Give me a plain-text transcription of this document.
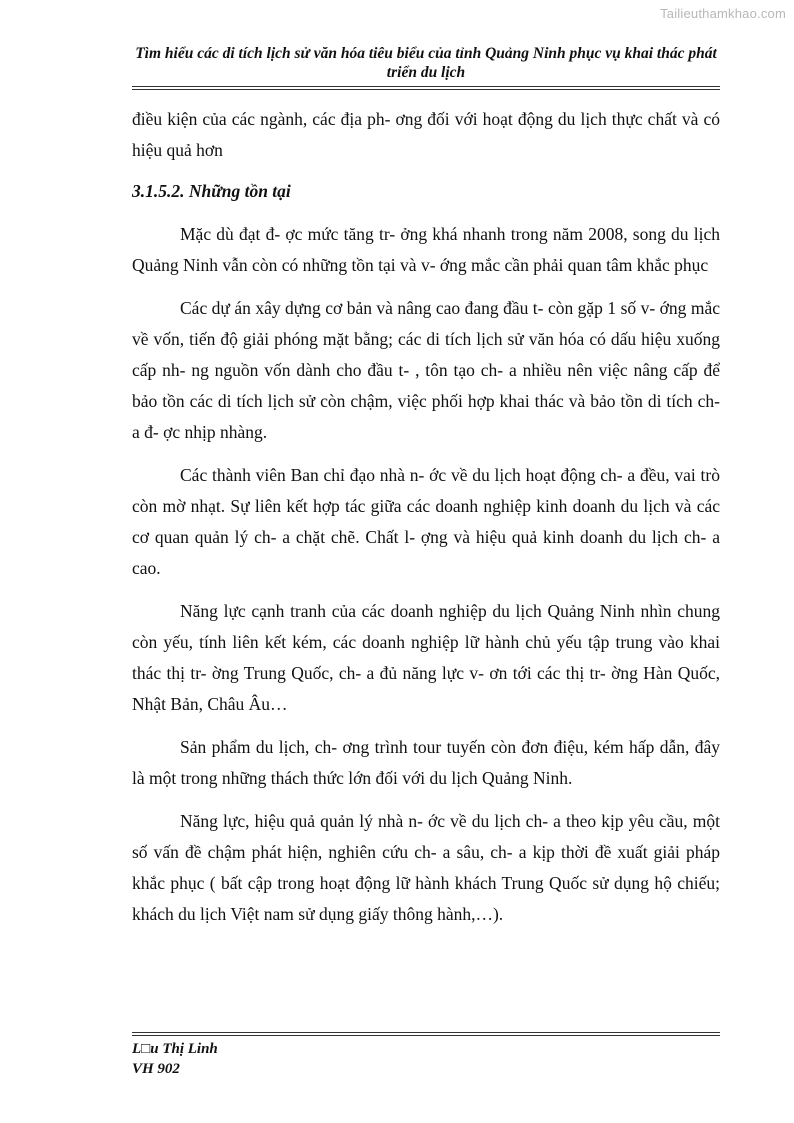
Tailieuthamkhao.com
Tìm hiểu các di tích lịch sử văn hóa tiêu biểu của tỉnh Quảng Ninh phục vụ khai thác phát triển du lịch

điều kiện của các ngành, các địa ph- ơng đối với hoạt động du lịch thực chất và có hiệu quả hơn

3.1.5.2. Những tồn tại

Mặc dù đạt đ- ợc mức tăng tr- ởng khá nhanh trong năm 2008, song du lịch Quảng Ninh vẫn còn có những tồn tại và v- ớng mắc cần phải quan tâm khắc phục

Các dự án xây dựng cơ bản và nâng cao đang đầu t- còn gặp 1 số v- ớng mắc về vốn, tiến độ giải phóng mặt bằng; các di tích lịch sử văn hóa có dấu hiệu xuống cấp nh- ng nguồn vốn dành cho đầu t- , tôn tạo ch- a nhiều nên việc nâng cấp để bảo tồn các di tích lịch sử còn chậm, việc phối hợp khai thác và bảo tồn di tích ch- a đ- ợc nhịp nhàng.

Các thành viên Ban chỉ đạo nhà n- ớc về du lịch hoạt động ch- a đều, vai trò còn mờ nhạt. Sự liên kết hợp tác giữa các doanh nghiệp kinh doanh du lịch và các cơ quan quản lý ch- a chặt chẽ. Chất l- ợng và hiệu quả kinh doanh du lịch ch- a cao.

Năng lực cạnh tranh của các doanh nghiệp du lịch Quảng Ninh nhìn chung còn yếu, tính liên kết kém, các doanh nghiệp lữ hành chủ yếu tập trung vào khai thác thị tr- ờng Trung Quốc, ch- a đủ năng lực v- ơn tới các thị tr- ờng Hàn Quốc, Nhật Bản, Châu Âu…

Sản phẩm du lịch, ch- ơng trình tour tuyến còn đơn điệu, kém hấp dẫn, đây là một trong những thách thức lớn đối với du lịch Quảng Ninh.

Năng lực, hiệu quả quản lý nhà n- ớc về du lịch ch- a theo kịp yêu cầu, một số vấn đề chậm phát hiện, nghiên cứu ch- a sâu, ch- a kịp thời đề xuất giải pháp khắc phục ( bất cập trong hoạt động lữ hành khách Trung Quốc sử dụng hộ chiếu; khách du lịch Việt nam sử dụng giấy thông hành,…).

L□u Thị Linh
VH 902
